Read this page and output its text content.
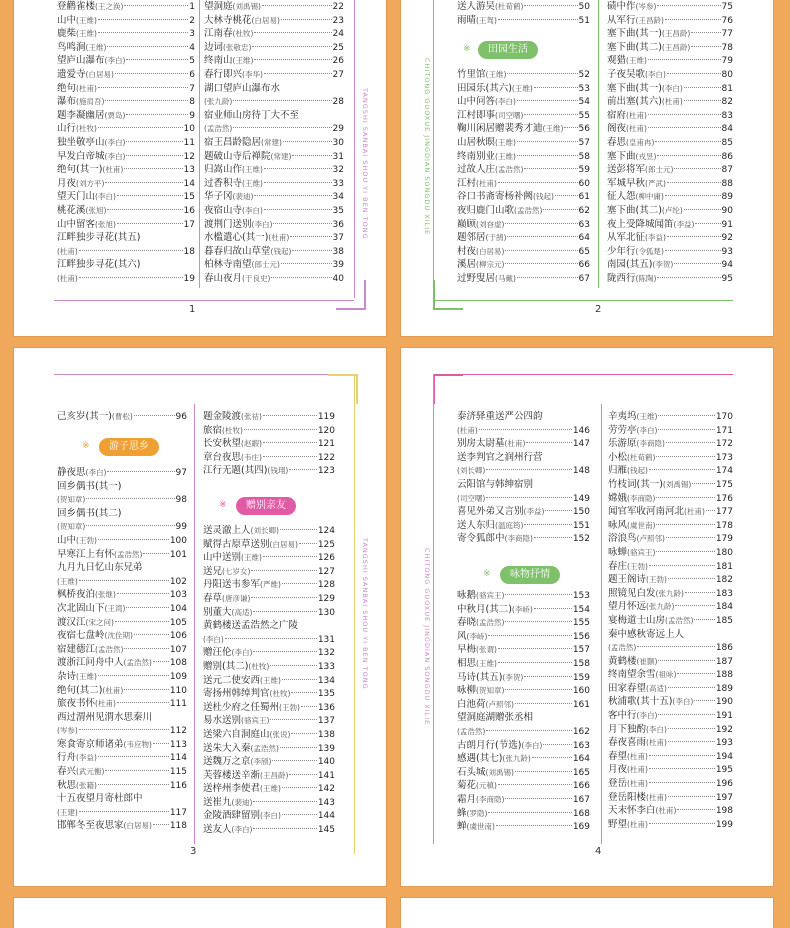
登鹳雀楼 (王之涣)	1
山中 (王维)	2
鹿柴 (王维)	3
鸟鸣涧 (王维)	4
望庐山瀑布 (李白)	5
遗爱寺 (白居易)	6
绝句 (杜甫)	7
瀑布 (施肩吾)	8
题李凝幽居 (贾岛)	9
山行 (杜牧)	10
独坐敬亭山 (李白)	11
早发白帝城 (李白)	12
绝句(其一) (杜甫)	13
月夜 (刘方平)	14
望天门山 (李白)	15
桃花溪 (张旭)	16
山中留客 (张旭)	17
江畔独步寻花(其五)
(杜甫)	18
江畔独步寻花(其六)
(杜甫)	19
望洞庭 (刘禹锡)	22
大林寺桃花 (白居易)	23
江南春 (杜牧)	24
边词 (张敬忠)	25
终南山 (王维)	26
春行即兴 (李华)	27
湖口望庐山瀑布水
(张九龄)	28
宿业师山房待丁大不至
(孟浩然)	29
宿王昌龄隐居 (常建)	30
题破山寺后禅院 (常建)	31
归嵩山作 (王维)	32
过香积寺 (王维)	33
华子冈 (裴迪)	34
夜宿山寺 (李白)	35
渡荆门送别 (李白)	36
水槛遣心(其一) (杜甫)	37
暮春归故山草堂 (钱起)	38
柏林寺南望 (郎士元)	39
春山夜月 (于良史)	40
TANGSHI SANBAI SHOU YI BEN TONG
1
CHITONG GUOXUE JINGDIAN SONGDU XILIE
送人游吴 (杜荀鹤)	50
雨晴 (王驾)	51
田园生活
※
竹里馆 (王维)	52
田园乐(其六) (王维)	53
山中问答 (李白)	54
江村即事 (司空曙)	55
鞠川闲居赠裴秀才迪 (王维) 56
山居秋暝 (王维)	57
终南别业 (王维)	58
过故人庄 (孟浩然)	59
江村 (杜甫)	60
谷口书斋寄杨补阙 (钱起)	61
夜归鹿门山歌 (孟浩然)	62
巅顾 (刘昚虚)	63
题邻居 (于鹄)	64
村夜 (白居易)	65
溪居 (柳宗元)	66
过野叟居 (马戴)	67
碛中作 (岑参)	75
从军行 (王昌龄)	76
塞下曲(其一) (王昌龄)	77
塞下曲(其二) (王昌龄)	78
观猎 (王维)	79
子夜吴歌 (李白)	80
塞下曲(其一) (李白)	81
前出塞(其六) (杜甫)	82
宿府 (杜甫)	83
阁夜 (杜甫)	84
春思 (皇甫冉)	85
塞下曲 (戎昱)	86
送彭将军 (郎士元)	87
军城早秋 (严武)	88
征人怨 (柳中庸)	89
塞下曲(其二) (卢纶)	90
夜上受降城闻笛 (李益)	91
从军北征 (李益)	92
少年行 (令狐楚)	93
南园(其五) (李贺)	94
陇西行 (陈陶)	95
2
TANGSHI SANBAI SHOU YI BEN TONG
己亥岁(其一) (曹松)	96
※	游子思乡
静夜思 (李白)	97
回乡偶书(其一)
(贺知章)	98
回乡偶书(其二)
(贺知章)	99
山中 (王勃)	100
早寒江上有怀 (孟浩然)	101
九月九日忆山东兄弟
(王维)	102
枫桥夜泊 (张继)	103
次北固山下 (王湾)	104
渡汉江 (宋之问)	105
夜宿七盘岭 (沈佺期)	106
宿建德江 (孟浩然)	107
渡浙江问舟中人 (孟浩然) 108
杂诗 (王维)	109
绝句(其二) (杜甫)	110
旅夜书怀 (杜甫)	111
西过渭州见渭水思秦川
(岑参)	112
寒食寄京师诸弟 (韦应物) 113
行舟 (李益)	114
春兴 (武元衡)	115
秋思 (张籍)	116
十五夜望月寄杜郎中
(王建)	117
邯郸冬至夜思家 (白居易) 118
题金陵渡 (张祜)	119
旅宿 (杜牧)	120
长安秋望 (赵嘏)	121
章台夜思 (韦庄)	122
江行无题(其四) (钱珝)	123
※	赠别亲友
送灵澈上人 (刘长卿)	124
赋得古原草送别 (白居易) 125
山中送别 (王维)	126
送兄 (七岁女)	127
丹阳送韦参军 (严维)	128
春草 (唐彦谦)	129
别董大 (高适)	130
黄鹤楼送孟浩然之广陵
(李白)	131
赠汪伦 (李白)	132
赠别(其二) (杜牧)	133
送元二使安西 (王维)	134
寄扬州韩绰判官 (杜牧)	135
送杜少府之任蜀州 (王勃) 136
易水送别 (骆宾王)	137
送梁六自洞庭山 (张说)	138
送朱大入秦 (孟浩然)	139
送魏万之京 (李颀)	140
芙蓉楼送辛渐 (王昌龄)	141
送梓州李使君 (王维)	142
送崔九 (裴迪)	143
金陵酒肆留别 (李白)	144
送友人 (李白)	145
3
CHITONG GUOXUE JINGDIAN SONGDU XILIE
泰济驿重送严公四韵
(杜甫)	146
别房太尉墓 (杜甫)	147
送李判官之润州行营
(刘长卿)	148
云阳馆与韩绅宿别
(司空曙)	149
喜见外弟又言别 (李益)	150
送人东归 (温庭筠)	151
寄令狐郎中 (李商隐)	152
※	咏物抒情
咏鹅 (骆宾王)	153
中秋月(其二) (李峤)	154
春晓 (孟浩然)	155
风 (李峤)	156
早梅 (张谓)	157
相思 (王维)	158
马诗(其五) (李贺)	159
咏柳 (贺知章)	160
白池荷 (卢照邻)	161
望洞庭湖赠张丞相
(孟浩然)	162
古朗月行(节选) (李白)	163
感遇(其七) (张九龄)	164
石头城 (刘禹锡)	165
菊花 (元稹)	166
霜月 (李商隐)	167
蜂 (罗隐)	168
蝉 (虞世南)	169
辛夷坞 (王维)	170
劳劳亭 (李白)	171
乐游原 (李商隐)	172
小松 (杜荀鹤)	173
归雁 (钱起)	174
竹枝词(其一) (刘禹锡)	175
嫦娥 (李商隐)	176
闻官军收河南河北 (杜甫) 177
咏风 (虞世南)	178
浴浪鸟 (卢照邻)	179
咏蝉 (骆宾王)	180
春庄 (王勃)	181
题王阁诗 (王勃)	182
照镜见白发 (张九龄)	183
望月怀远 (张九龄)	184
宴梅道士山房 (孟浩然) 185
秦中感秋寄远上人
(孟浩然)	186
黄鹤楼 (崔颢)	187
终南望余雪 (祖咏)	188
田家春望 (高适)	189
秋浦歌(其十五) (李白)	190
客中行 (李白)	191
月下独酌 (李白)	192
春夜喜雨 (杜甫)	193
春望 (杜甫)	194
月夜 (杜甫)	195
登岳 (杜甫)	196
登岳阳楼 (杜甫)	197
天末怀李白 (杜甫)	198
野望 (杜甫)	199
4
